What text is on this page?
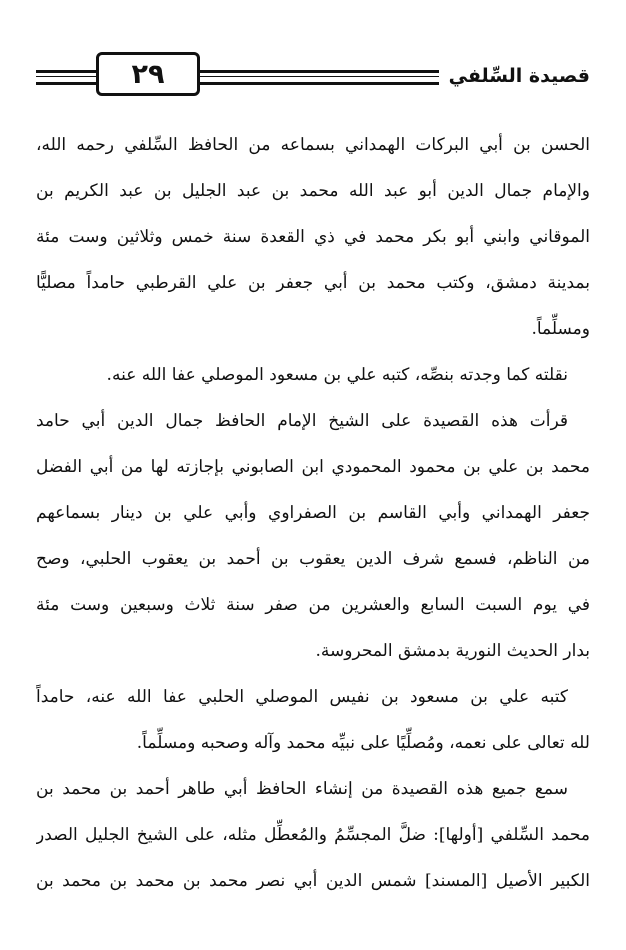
٢٩	قصيدة السِّلفي
الحسن بن أبي البركات الهمداني بسماعه من الحافظ السِّلفي رحمه الله،
والإمام جمال الدين أبو عبد الله محمد بن عبد الجليل بن عبد الكريم بن
الموقاني وابني أبو بكر محمد في ذي القعدة سنة خمس وثلاثين وست مئة
بمدينة دمشق، وكتب محمد بن أبي جعفر بن علي القرطبي حامداً مصليًّا
ومسلِّماً.
نقلته كما وجدته بنصِّه، كتبه علي بن مسعود الموصلي عفا الله عنه.
قرأت هذه القصيدة على الشيخ الإمام الحافظ جمال الدين أبي حامد
محمد بن علي بن محمود المحمودي ابن الصابوني بإجازته لها من أبي الفضل
جعفر الهمداني وأبي القاسم بن الصفراوي وأبي علي بن دينار بسماعهم
من الناظم، فسمع شرف الدين يعقوب بن أحمد بن يعقوب الحلبي، وصح
في يوم السبت السابع والعشرين من صفر سنة ثلاث وسبعين وست مئة
بدار الحديث النورية بدمشق المحروسة.
كتبه علي بن مسعود بن نفيس الموصلي الحلبي عفا الله عنه، حامداً
لله تعالى على نعمه، ومُصلِّيًا على نبيِّه محمد وآله وصحبه ومسلِّماً.
سمع جميع هذه القصيدة من إنشاء الحافظ أبي طاهر أحمد بن محمد بن
محمد السِّلفي [أولها]: ضلَّ المجسِّمُ والمُعطِّل مثله، على الشيخ الجليل الصدر
الكبير الأصيل [المسند] شمس الدين أبي نصر محمد بن محمد بن محمد بن
